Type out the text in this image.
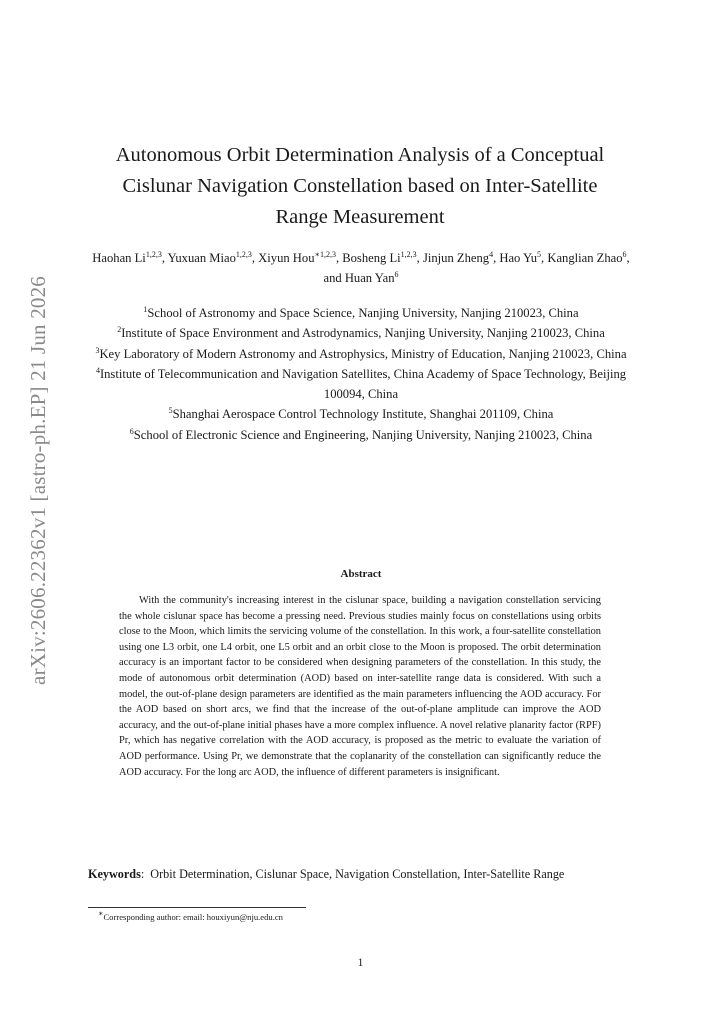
arXiv:2606.22362v1 [astro-ph.EP] 21 Jun 2026
Autonomous Orbit Determination Analysis of a Conceptual
Cislunar Navigation Constellation based on Inter-Satellite
Range Measurement
Haohan Li$^{1,2,3}$, Yuxuan Miao$^{1,2,3}$, Xiyun Hou$^{∗1,2,3}$, Bosheng Li$^{1,2,3}$, Jinjun Zheng$^4$, Hao Yu$^5$, Kanglian Zhao$^6$, and Huan Yan$^6$
$^1$School of Astronomy and Space Science, Nanjing University, Nanjing 210023, China
$^2$Institute of Space Environment and Astrodynamics, Nanjing University, Nanjing 210023, China
$^3$Key Laboratory of Modern Astronomy and Astrophysics, Ministry of Education, Nanjing 210023, China
$^4$Institute of Telecommunication and Navigation Satellites, China Academy of Space Technology, Beijing 100094, China
$^5$Shanghai Aerospace Control Technology Institute, Shanghai 201109, China
$^6$School of Electronic Science and Engineering, Nanjing University, Nanjing 210023, China
Abstract

With the community's increasing interest in the cislunar space, building a navigation constellation servicing the whole cislunar space has become a pressing need. Previous studies mainly focus on constellations using orbits close to the Moon, which limits the servicing volume of the constellation. In this work, a four-satellite constellation using one L3 orbit, one L4 orbit, one L5 orbit and an orbit close to the Moon is proposed. The orbit determination accuracy is an important factor to be considered when designing parameters of the constellation. In this study, the mode of autonomous orbit determination (AOD) based on inter-satellite range data is considered. With such a model, the out-of-plane design parameters are identified as the main parameters influencing the AOD accuracy. For the AOD based on short arcs, we find that the increase of the out-of-plane amplitude can improve the AOD accuracy, and the out-of-plane initial phases have a more complex influence. A novel relative planarity factor (RPF) Pr, which has negative correlation with the AOD accuracy, is proposed as the metric to evaluate the variation of AOD performance. Using Pr, we demonstrate that the coplanarity of the constellation can significantly reduce the AOD accuracy. For the long arc AOD, the influence of different parameters is insignificant.

Keywords:  Orbit Determination, Cislunar Space, Navigation Constellation, Inter-Satellite Range
∗Corresponding author: email: houxiyun@nju.edu.cn
1
